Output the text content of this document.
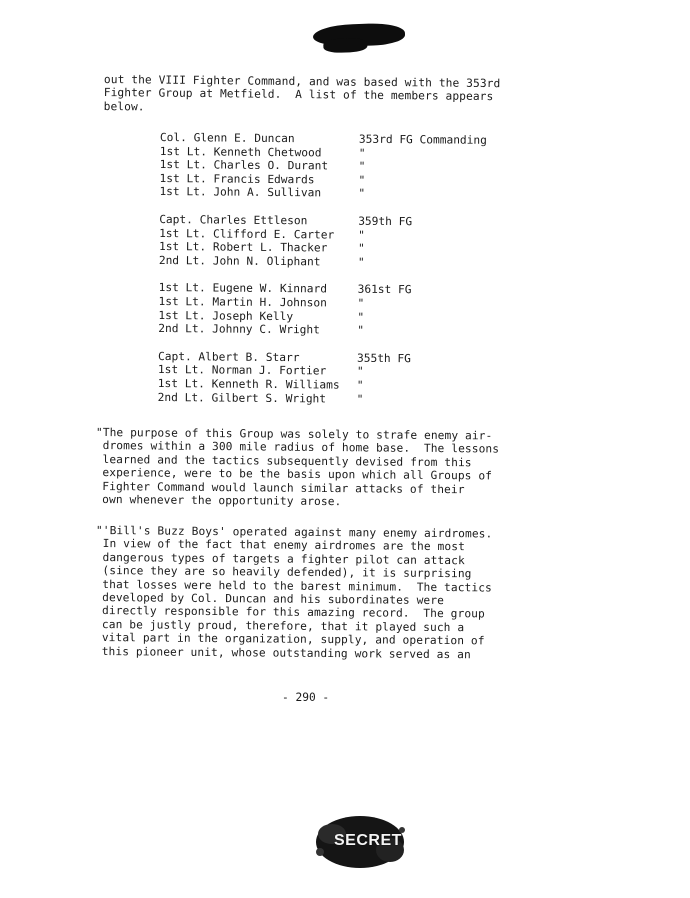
out the VIII Fighter Command, and was based with the 353rd
Fighter Group at Metfield.  A list of the members appears
below.
Col. Glenn E. Duncan	353rd FG Commanding
1st Lt. Kenneth Chetwood	"
1st Lt. Charles O. Durant	"
1st Lt. Francis Edwards	"
1st Lt. John A. Sullivan	"
Capt. Charles Ettleson	359th FG
1st Lt. Clifford E. Carter "
1st Lt. Robert L. Thacker	"
2nd Lt. John N. Oliphant	"
1st Lt. Eugene W. Kinnard	361st FG
1st Lt. Martin H. Johnson	"
1st Lt. Joseph Kelly	"
2nd Lt. Johnny C. Wright	"
Capt. Albert B. Starr	355th FG
1st Lt. Norman J. Fortier	"
1st Lt. Kenneth R. Williams "
2nd Lt. Gilbert S. Wright	"
"The purpose of this Group was solely to strafe enemy air-
dromes within a 300 mile radius of home base.  The lessons
learned and the tactics subsequently devised from this
experience, were to be the basis upon which all Groups of
Fighter Command would launch similar attacks of their
own whenever the opportunity arose.
"'Bill's Buzz Boys' operated against many enemy airdromes.
In view of the fact that enemy airdromes are the most
dangerous types of targets a fighter pilot can attack
(since they are so heavily defended), it is surprising
that losses were held to the barest minimum.  The tactics
developed by Col. Duncan and his subordinates were
directly responsible for this amazing record.  The group
can be justly proud, therefore, that it played such a
vital part in the organization, supply, and operation of
this pioneer unit, whose outstanding work served as an
- 290 -
SECRET
